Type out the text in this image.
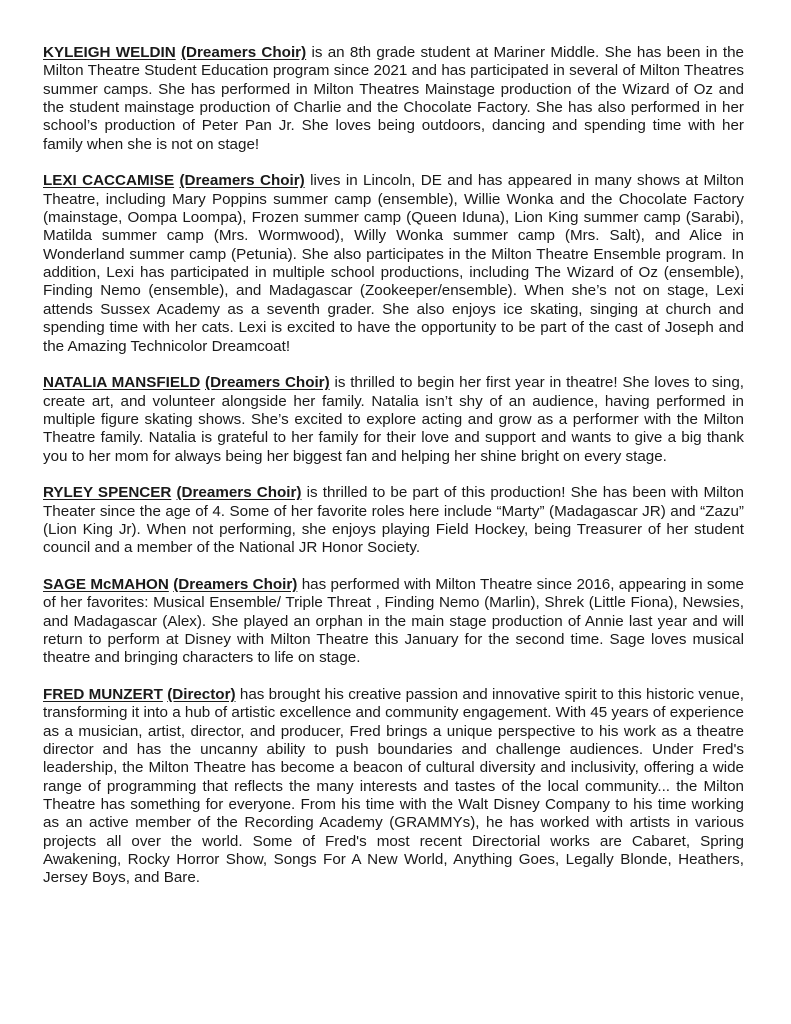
KYLEIGH WELDIN (Dreamers Choir) is an 8th grade student at Mariner Middle. She has been in the Milton Theatre Student Education program since 2021 and has participated in several of Milton Theatres summer camps. She has performed in Milton Theatres Mainstage production of the Wizard of Oz and the student mainstage production of Charlie and the Chocolate Factory. She has also performed in her school’s production of Peter Pan Jr. She loves being outdoors, dancing and spending time with her family when she is not on stage!

LEXI CACCAMISE (Dreamers Choir) lives in Lincoln, DE and has appeared in many shows at Milton Theatre, including Mary Poppins summer camp (ensemble), Willie Wonka and the Chocolate Factory (mainstage, Oompa Loompa), Frozen summer camp (Queen Iduna), Lion King summer camp (Sarabi), Matilda summer camp (Mrs. Wormwood), Willy Wonka summer camp (Mrs. Salt), and Alice in Wonderland summer camp (Petunia). She also participates in the Milton Theatre Ensemble program. In addition, Lexi has participated in multiple school productions, including The Wizard of Oz (ensemble), Finding Nemo (ensemble), and Madagascar (Zookeeper/ensemble). When she’s not on stage, Lexi attends Sussex Academy as a seventh grader. She also enjoys ice skating, singing at church and spending time with her cats. Lexi is excited to have the opportunity to be part of the cast of Joseph and the Amazing Technicolor Dreamcoat!

NATALIA MANSFIELD (Dreamers Choir) is thrilled to begin her first year in theatre! She loves to sing, create art, and volunteer alongside her family. Natalia isn’t shy of an audience, having performed in multiple figure skating shows. She’s excited to explore acting and grow as a performer with the Milton Theatre family. Natalia is grateful to her family for their love and support and wants to give a big thank you to her mom for always being her biggest fan and helping her shine bright on every stage.

RYLEY SPENCER (Dreamers Choir) is thrilled to be part of this production! She has been with Milton Theater since the age of 4. Some of her favorite roles here include “Marty” (Madagascar JR) and “Zazu” (Lion King Jr). When not performing, she enjoys playing Field Hockey, being Treasurer of her student council and a member of the National JR Honor Society.

SAGE McMAHON (Dreamers Choir) has performed with Milton Theatre since 2016, appearing in some of her favorites: Musical Ensemble/ Triple Threat , Finding Nemo (Marlin), Shrek (Little Fiona), Newsies, and Madagascar (Alex). She played an orphan in the main stage production of Annie last year and will return to perform at Disney with Milton Theatre this January for the second time. Sage loves musical theatre and bringing characters to life on stage.

FRED MUNZERT (Director) has brought his creative passion and innovative spirit to this historic venue, transforming it into a hub of artistic excellence and community engagement. With 45 years of experience as a musician, artist, director, and producer, Fred brings a unique perspective to his work as a theatre director and has the uncanny ability to push boundaries and challenge audiences. Under Fred's leadership, the Milton Theatre has become a beacon of cultural diversity and inclusivity, offering a wide range of programming that reflects the many interests and tastes of the local community... the Milton Theatre has something for everyone. From his time with the Walt Disney Company to his time working as an active member of the Recording Academy (GRAMMYs), he has worked with artists in various projects all over the world. Some of Fred's most recent Directorial works are Cabaret, Spring Awakening, Rocky Horror Show, Songs For A New World, Anything Goes, Legally Blonde, Heathers, Jersey Boys, and Bare.
